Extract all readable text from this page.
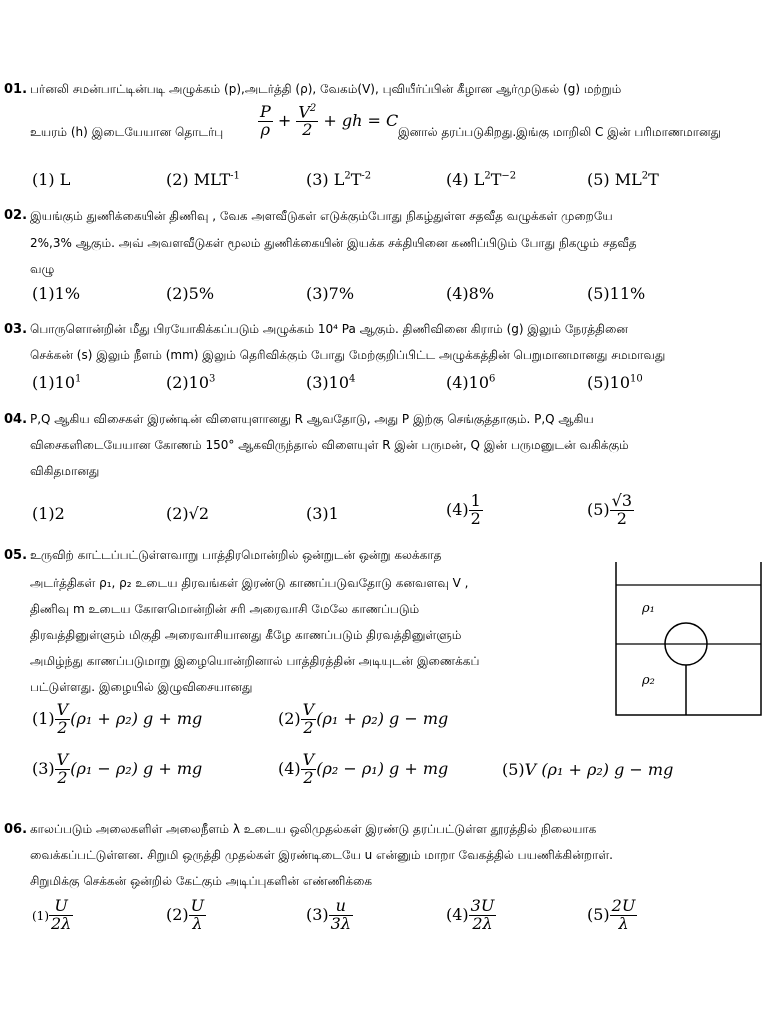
01. பர்னலி சமன்பாட்டின்படி அழுக்கம் (p),அடர்த்தி (ρ), வேகம்(V), புவியீர்ப்பின் கீழான ஆர்முடுகல் (g) மற்றும்
உயரம் (h) இடையேயான தொடர்பு $\frac{P}{\rho} + \frac{V^2}{2}$ + gh = C
இனால் தரப்படுகிறது.இங்கு மாறிலி C இன் பரிமாணமானது
(1) L	(2) $MLT^{-1}$	(3) $L^2T^{-2}$	(4) $L^2T^{-2}$	(5) $ML^2T$
02. இயங்கும் துணிக்கையின் திணிவு , வேக அளவீடுகள் எடுக்கும்போது நிகழ்துள்ள சதவீத வழுக்கள் முறையே
2%,3% ஆகும். அவ் அவளவீடுகள் மூலம் துணிக்கையின் இயக்க சக்தியினை கணிப்பிடும் போது நிகழும் சதவீத
வழு
(1)1%	(2)5%	(3)7%	(4)8%	(5)11%
03. பொருளொன்றின் மீது பிரயோகிக்கப்படும் அழுக்கம் 10⁴ Pa ஆகும். திணிவினை கிராம் (g) இலும் நேரத்தினை
செக்கன் (s) இலும் நீளம் (mm) இலும் தெரிவிக்கும் போது மேற்குறிப்பிட்ட அழுக்கத்தின் பெறுமானமானது சமமாவது
$(1)10^1$	$(2)10^3$	$(3)10^4$	$(4)10^6$	$(5)10^{10}$
04. P,Q ஆகிய விசைகள் இரண்டின் விளையுளானது R ஆவதோடு, அது P இற்கு செங்குத்தாகும். P,Q ஆகிய
விசைகளிடையேயான கோணம் 150° ஆகவிருந்தால் விளையுள் R இன் பருமன், Q இன் பருமனுடன் வகிக்கும்
விகிதமானது
(1)2	(2)√2	(3)1	$(4) \frac{1}{2}$	$(5) \frac{√3}{2}$
05. உருவிற் காட்டப்பட்டுள்ளவாறு பாத்திரமொன்றில் ஒன்றுடன் ஒன்று கலக்காத
அடர்த்திகள் ρ₁, ρ₂ உடைய திரவங்கள் இரண்டு காணப்படுவதோடு கனவளவு V ,
திணிவு m உடைய கோளமொன்றின் சரி அரைவாசி மேலே காணப்படும்
திரவத்தினுள்ளும் மிகுதி அரைவாசியானது கீழே காணப்படும் திரவத்தினுள்ளும்
அமிழ்ந்து காணப்படுமாறு இழையொன்றினால் பாத்திரத்தின் அடியுடன் இணைக்கப்
பட்டுள்ளது. இழையில் இழுவிசையானது
ρ₁
ρ₂
$(1) \frac{V}{2} (\rho_1 + \rho_2) g$ + mg	$(2) \frac{V}{2} (\rho_1 + \rho_2) g$ − mg
$(3) \frac{V}{2} (\rho_1 - \rho_2) g$ + mg	$(4) \frac{V}{2} (\rho_2 - \rho_1) g$ + mg	(5)V (ρ₁ + ρ₂) g − mg
06. காலப்படும் அலைகளிள் அலைநீளம் λ உடைய ஒலிமுதல்கள் இரண்டு தரப்பட்டுள்ள தூரத்தில் நிலையாக
வைக்கப்பட்டுள்ளன. சிறுமி ஒருத்தி முதல்கள் இரண்டிடையே u என்னும் மாறா வேகத்தில் பயணிக்கின்றாள்.
சிறுமிக்கு செக்கன் ஒன்றில் கேட்கும் அடிப்புகளின் எண்ணிக்கை
$(1) \frac{U}{2\lambda}$	$(2) \frac{U}{\lambda}$	$(3) \frac{u}{3\lambda}$	$(4) \frac{3U}{2\lambda}$	$(5) \frac{2U}{\lambda}$
